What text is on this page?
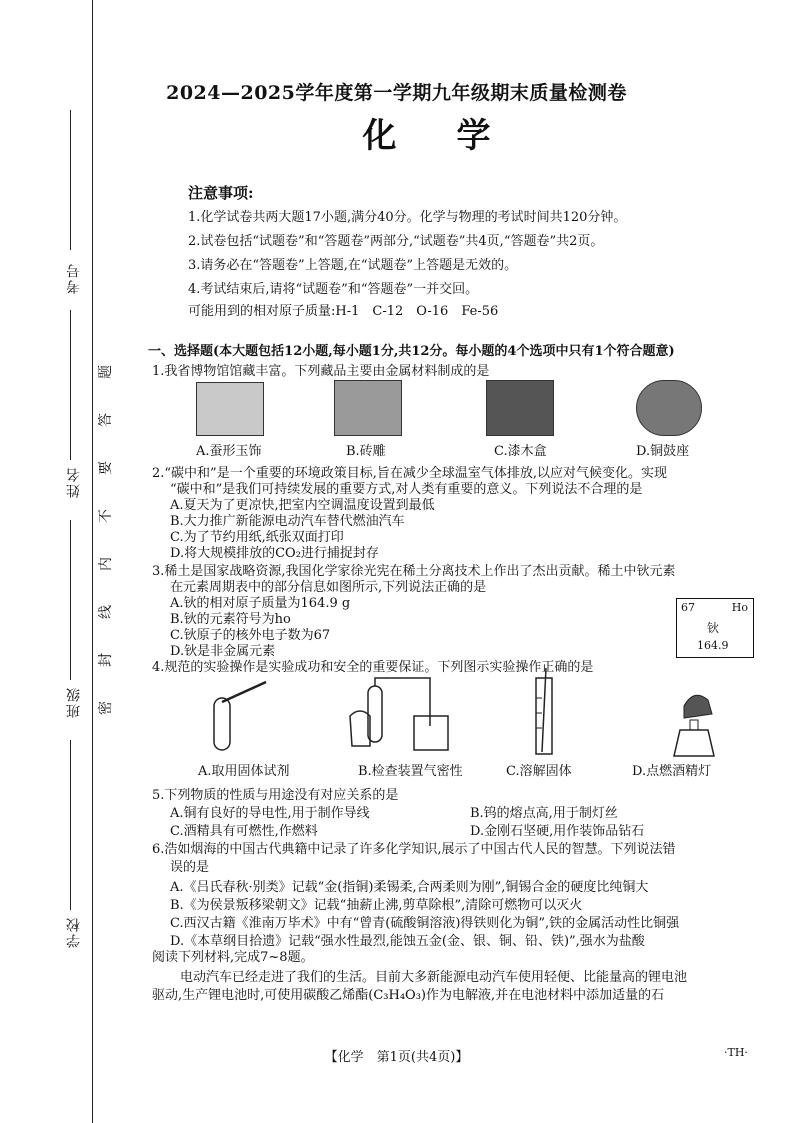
考号
姓名
班级
学校
题
答
要
不
内
线
封
密
2024—2025学年度第一学期九年级期末质量检测卷
化学
注意事项:
1.化学试卷共两大题17小题,满分40分。化学与物理的考试时间共120分钟。
2.试卷包括“试题卷”和“答题卷”两部分,“试题卷”共4页,“答题卷”共2页。
3.请务必在“答题卷”上答题,在“试题卷”上答题是无效的。
4.考试结束后,请将“试题卷”和“答题卷”一并交回。
可能用到的相对原子质量:H-1　C-12　O-16　Fe-56
一、选择题(本大题包括12小题,每小题1分,共12分。每小题的4个选项中只有1个符合题意)
1.我省博物馆馆藏丰富。下列藏品主要由金属材料制成的是
A.蚕形玉饰	B.砖雕	C.漆木盒	D.铜鼓座
2.“碳中和”是一个重要的环境政策目标,旨在减少全球温室气体排放,以应对气候变化。实现
“碳中和”是我们可持续发展的重要方式,对人类有重要的意义。下列说法不合理的是
A.夏天为了更凉快,把室内空调温度设置到最低
B.大力推广新能源电动汽车替代燃油汽车
C.为了节约用纸,纸张双面打印
D.将大规模排放的CO₂进行捕捉封存
3.稀土是国家战略资源,我国化学家徐光宪在稀土分离技术上作出了杰出贡献。稀土中钬元素
在元素周期表中的部分信息如图所示,下列说法正确的是
A.钬的相对原子质量为164.9 g
B.钬的元素符号为ho
C.钬原子的核外电子数为67
D.钬是非金属元素
67	Ho
钬
164.9
4.规范的实验操作是实验成功和安全的重要保证。下列图示实验操作正确的是
A.取用固体试剂	B.检查装置气密性	C.溶解固体	D.点燃酒精灯
5.下列物质的性质与用途没有对应关系的是
A.铜有良好的导电性,用于制作导线	B.钨的熔点高,用于制灯丝
C.酒精具有可燃性,作燃料	D.金刚石坚硬,用作装饰品钻石
6.浩如烟海的中国古代典籍中记录了许多化学知识,展示了中国古代人民的智慧。下列说法错
误的是
A.《吕氏春秋·别类》记载“金(指铜)柔锡柔,合两柔则为刚”,铜锡合金的硬度比纯铜大
B.《为侯景叛移梁朝文》记载“抽薪止沸,剪草除根”,清除可燃物可以灭火
C.西汉古籍《淮南万毕术》中有“曾青(硫酸铜溶液)得铁则化为铜”,铁的金属活动性比铜强
D.《本草纲目拾遗》记载“强水性最烈,能蚀五金(金、银、铜、铅、铁)”,强水为盐酸
阅读下列材料,完成7~8题。
电动汽车已经走进了我们的生活。目前大多新能源电动汽车使用轻便、比能量高的锂电池
驱动,生产锂电池时,可使用碳酸乙烯酯(C₃H₄O₃)作为电解液,并在电池材料中添加适量的石
【化学　第1页(共4页)】	·TH·
